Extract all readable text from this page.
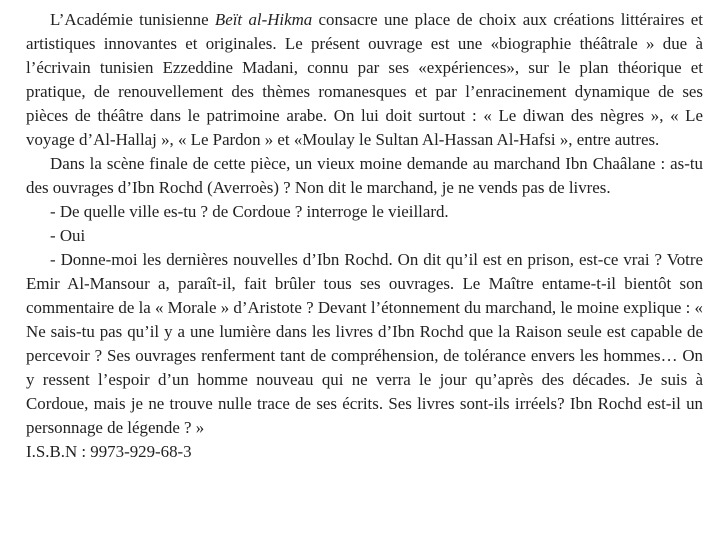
L’Académie tunisienne Beït al-Hikma consacre une place de choix aux créations littéraires et artistiques innovantes et originales. Le présent ouvrage est une «biographie théâtrale » due à l’écrivain tunisien Ezzeddine Madani, connu par ses «expériences», sur le plan théorique et pratique, de renouvellement des thèmes romanesques et par l’enracinement dynamique de ses pièces de théâtre dans le patrimoine arabe. On lui doit surtout : « Le diwan des nègres », « Le voyage d’Al-Hallaj », « Le Pardon » et «Moulay le Sultan Al-Hassan Al-Hafsi », entre autres.

Dans la scène finale de cette pièce, un vieux moine demande au marchand Ibn Chaâlane : as-tu des ouvrages d’Ibn Rochd (Averroès) ? Non dit le marchand, je ne vends pas de livres.

- De quelle ville es-tu ? de Cordoue ? interroge le vieillard.

- Oui

- Donne-moi les dernières nouvelles d’Ibn Rochd. On dit qu’il est en prison, est-ce vrai ? Votre Emir Al-Mansour a, paraît-il, fait brûler tous ses ouvrages. Le Maître entame-t-il bientôt son commentaire de la « Morale » d’Aristote ? Devant l’étonnement du marchand, le moine explique : « Ne sais-tu pas qu’il y a une lumière dans les livres d’Ibn Rochd que la Raison seule est capable de percevoir ? Ses ouvrages renferment tant de compréhension, de tolérance envers les hommes… On y ressent l’espoir d’un homme nouveau qui ne verra le jour qu’après des décades. Je suis à Cordoue, mais je ne trouve nulle trace de ses écrits. Ses livres sont-ils irréels? Ibn Rochd est-il un personnage de légende ? »

I.S.B.N : 9973-929-68-3
